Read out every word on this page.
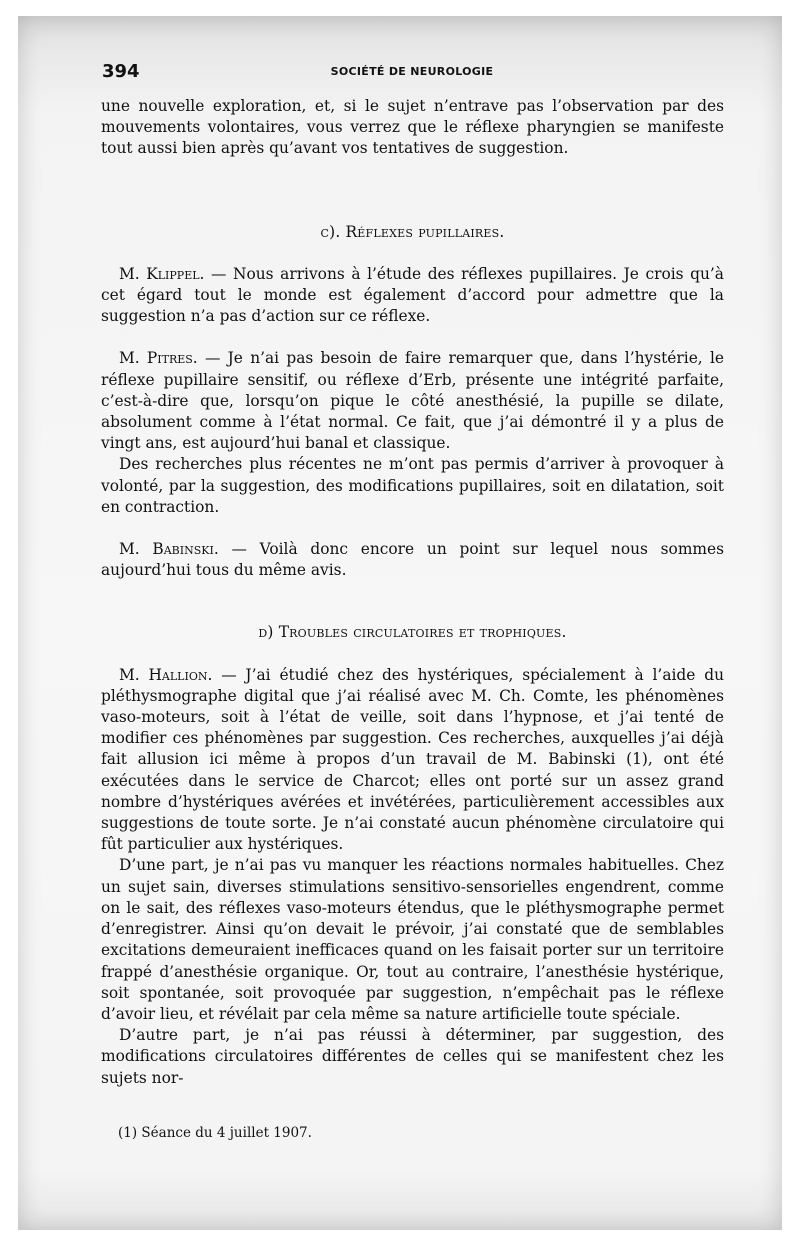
394	SOCIÉTÉ DE NEUROLOGIE

une nouvelle exploration, et, si le sujet n’entrave pas l’observation par des mouvements volontaires, vous verrez que le réflexe pharyngien se manifeste tout aussi bien après qu’avant vos tentatives de suggestion.

c). Réflexes pupillaires.

M. Klippel. — Nous arrivons à l’étude des réflexes pupillaires. Je crois qu’à cet égard tout le monde est également d’accord pour admettre que la suggestion n’a pas d’action sur ce réflexe.

M. Pitres. — Je n’ai pas besoin de faire remarquer que, dans l’hystérie, le réflexe pupillaire sensitif, ou réflexe d’Erb, présente une intégrité parfaite, c’est-à-dire que, lorsqu’on pique le côté anesthésié, la pupille se dilate, absolument comme à l’état normal. Ce fait, que j’ai démontré il y a plus de vingt ans, est aujourd’hui banal et classique.

Des recherches plus récentes ne m’ont pas permis d’arriver à provoquer à volonté, par la suggestion, des modifications pupillaires, soit en dilatation, soit en contraction.

M. Babinski. — Voilà donc encore un point sur lequel nous sommes aujourd’hui tous du même avis.

d) Troubles circulatoires et trophiques.

M. Hallion. — J’ai étudié chez des hystériques, spécialement à l’aide du pléthysmographe digital que j’ai réalisé avec M. Ch. Comte, les phénomènes vaso-moteurs, soit à l’état de veille, soit dans l’hypnose, et j’ai tenté de modifier ces phénomènes par suggestion. Ces recherches, auxquelles j’ai déjà fait allusion ici même à propos d’un travail de M. Babinski (1), ont été exécutées dans le service de Charcot; elles ont porté sur un assez grand nombre d’hystériques avérées et invétérées, particulièrement accessibles aux suggestions de toute sorte. Je n’ai constaté aucun phénomène circulatoire qui fût particulier aux hystériques.

D’une part, je n’ai pas vu manquer les réactions normales habituelles. Chez un sujet sain, diverses stimulations sensitivo-sensorielles engendrent, comme on le sait, des réflexes vaso-moteurs étendus, que le pléthysmographe permet d’enregistrer. Ainsi qu’on devait le prévoir, j’ai constaté que de semblables excitations demeuraient inefficaces quand on les faisait porter sur un territoire frappé d’anesthésie organique. Or, tout au contraire, l’anesthésie hystérique, soit spontanée, soit provoquée par suggestion, n’empêchait pas le réflexe d’avoir lieu, et révélait par cela même sa nature artificielle toute spéciale.

D’autre part, je n’ai pas réussi à déterminer, par suggestion, des modifications circulatoires différentes de celles qui se manifestent chez les sujets nor-

(1) Séance du 4 juillet 1907.
